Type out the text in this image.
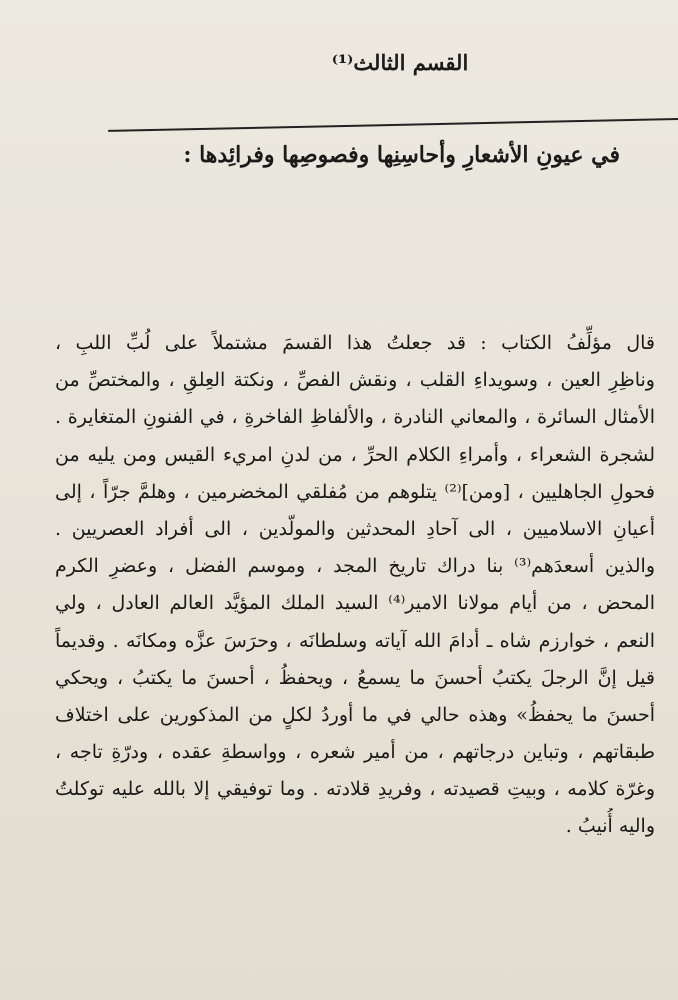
القسم الثالث⁽¹⁾
في عيونِ الأشعارِ وأحاسِنِها وفصوصِها وفرائِدها :
قال مؤلِّفُ الكتاب : قد جعلتُ هذا القسمَ مشتملاً على لُبِّ اللبِ ،
وناظِرِ العين ، وسويداءِ القلب ، ونقش الفصِّ ، ونكتة العِلقِ ، والمختصِّ من
الأمثال السائرة ، والمعاني النادرة ، والألفاظِ الفاخرةِ ، في الفنونِ المتغايرة .
لشجرة الشعراء ، وأمراءِ الكلام الحرِّ ، من لدنِ امريء القيس ومن يليه من
فحولِ الجاهليين ، [ومن]⁽²⁾ يتلوهم من مُفلقي المخضرمين ، وهلمَّ جرّاً ، إلى
أعيانِ الاسلاميين ، الى آحادِ المحدثين والمولّدين ، الى أفراد العصريين .
والذين أسعدَهم⁽³⁾ بنا دراك تاريخ المجد ، وموسم الفضل ، وعضرِ الكرم
المحض ، من أيام مولانا الامير⁽⁴⁾ السيد الملك المؤيَّد العالم العادل ، ولي
النعم ، خوارزم شاه ـ أدامَ الله آياته وسلطانَه ، وحرَسَ عزَّه ومكانَه . وقديماً
قيل إنَّ الرجلَ يكتبُ أحسنَ ما يسمعُ ، ويحفظُ ، أحسنَ ما يكتبُ ، ويحكي
أحسنَ ما يحفظُ» وهذه حالي في ما أوردُ لكلٍ من المذكورين على اختلاف
طبقاتهم ، وتباين درجاتهم ، من أمير شعره ، وواسطةِ عقده ، ودرّةِ تاجه ،
وغرّة كلامه ، وبيتِ قصيدته ، وفريدِ قلادته . وما توفيقي إلا بالله عليه توكلتُ
واليه أُنيبُ .
